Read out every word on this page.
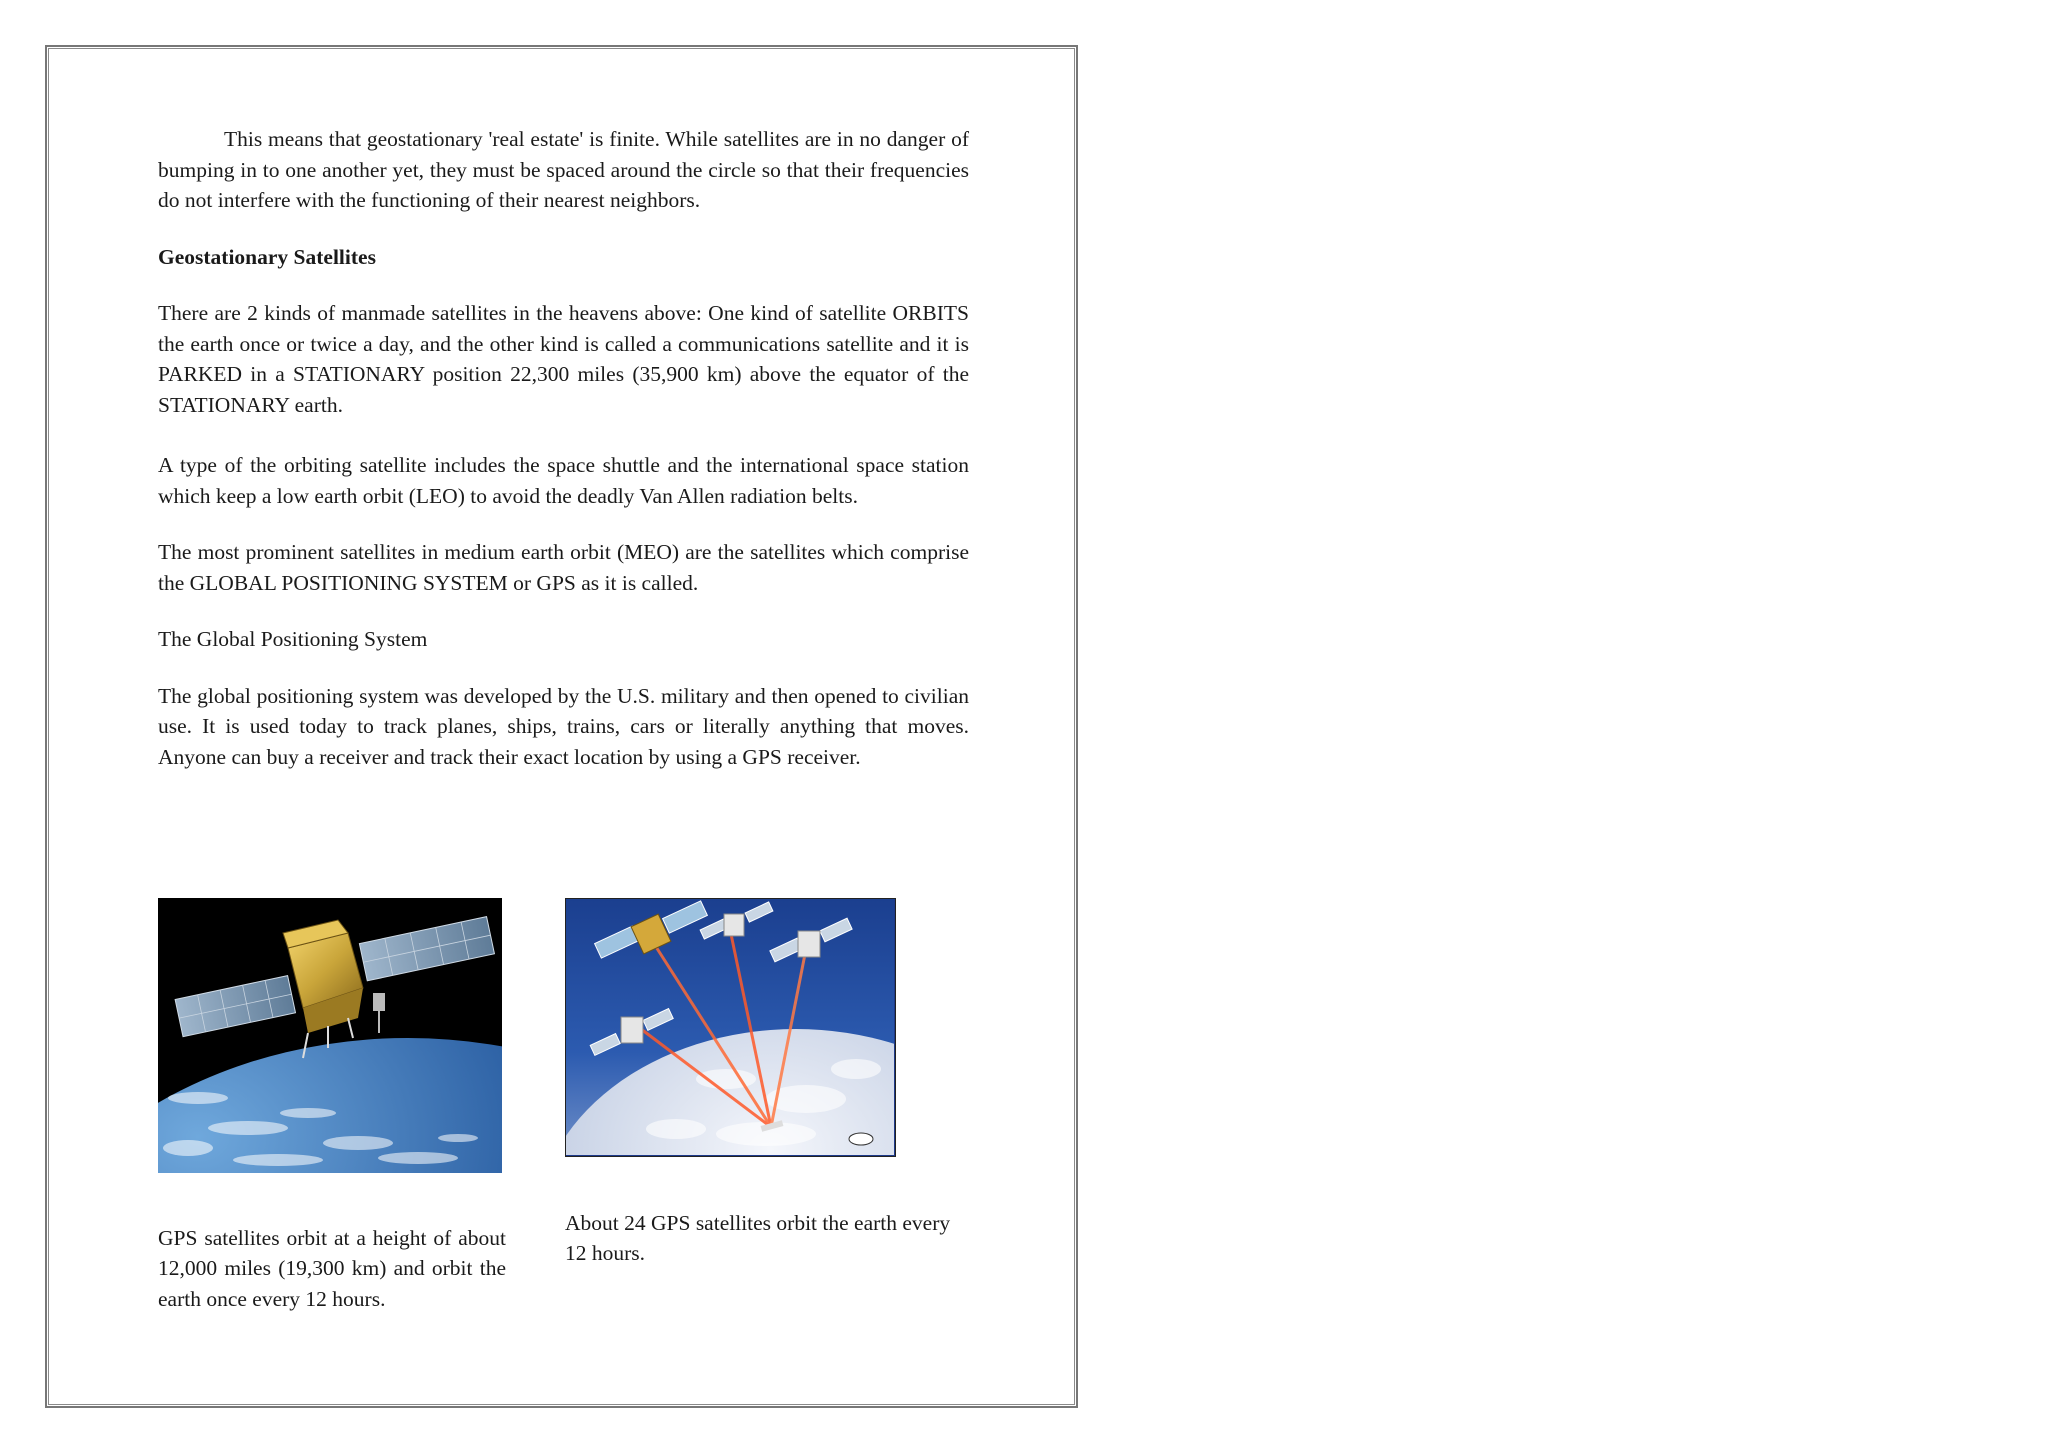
This means that geostationary 'real estate' is finite. While satellites are in no danger of bumping in to one another yet, they must be spaced around the circle so that their frequencies do not interfere with the functioning of their nearest neighbors.

Geostationary Satellites

There are 2 kinds of manmade satellites in the heavens above: One kind of satellite ORBITS the earth once or twice a day, and the other kind is called a communications satellite and it is PARKED in a STATIONARY position 22,300 miles (35,900 km) above the equator of the STATIONARY earth.

A type of the orbiting satellite includes the space shuttle and the international space station which keep a low earth orbit (LEO) to avoid the deadly Van Allen radiation belts.

The most prominent satellites in medium earth orbit (MEO) are the satellites which comprise the GLOBAL POSITIONING SYSTEM or GPS as it is called.

The Global Positioning System

The global positioning system was developed by the U.S. military and then opened to civilian use. It is used today to track planes, ships, trains, cars or literally anything that moves. Anyone can buy a receiver and track their exact location by using a GPS receiver.

GPS satellites orbit at a height of about 12,000 miles (19,300 km) and orbit the earth once every 12 hours.

About 24 GPS satellites orbit the earth every 12 hours.
